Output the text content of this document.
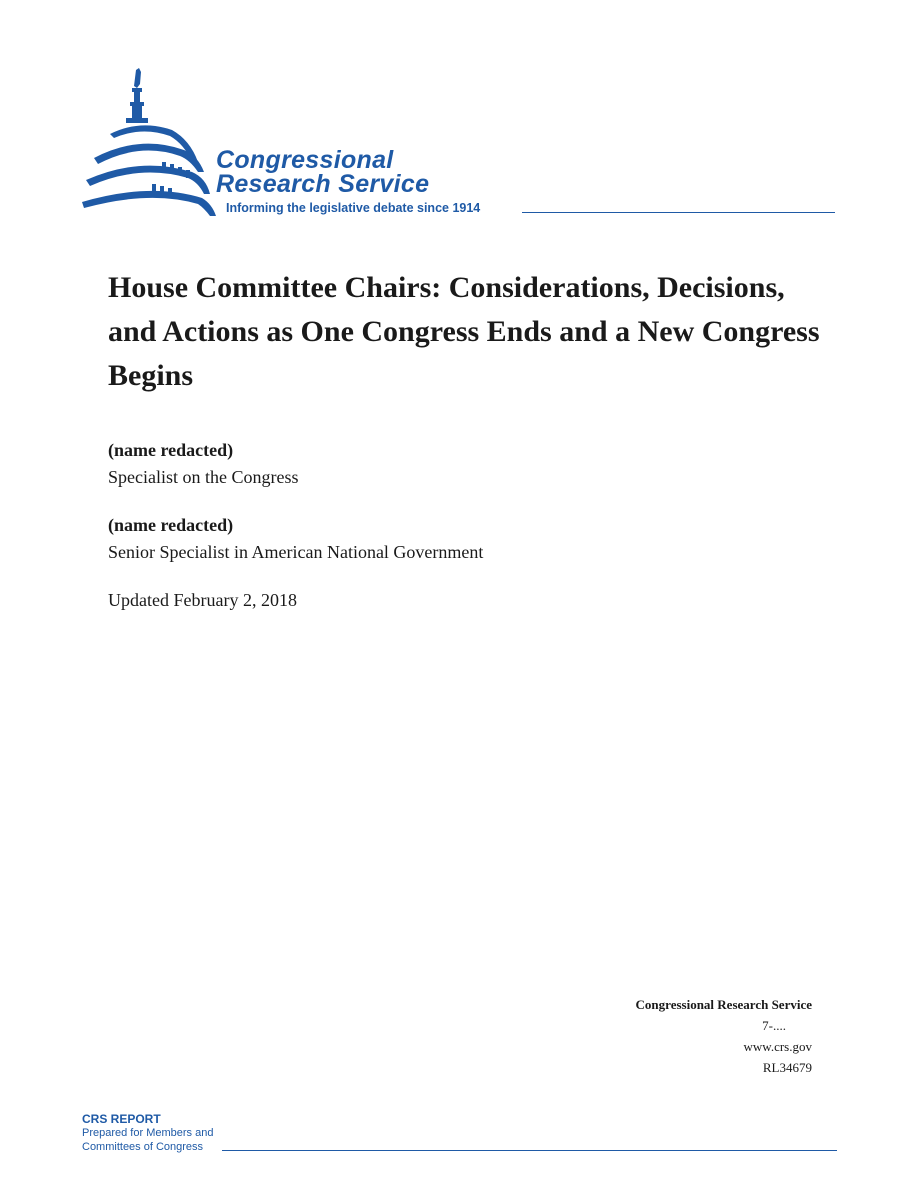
Congressional

Research Service

Informing the legislative debate since 1914
House Committee Chairs: Considerations, Decisions, and Actions as One Congress Ends and a New Congress Begins

(name redacted)

Specialist on the Congress

(name redacted)

Senior Specialist in American National Government

Updated February 2, 2018

Congressional Research Service
7-....
www.crs.gov
RL34679
CRS REPORT
Prepared for Members and
Committees of Congress
